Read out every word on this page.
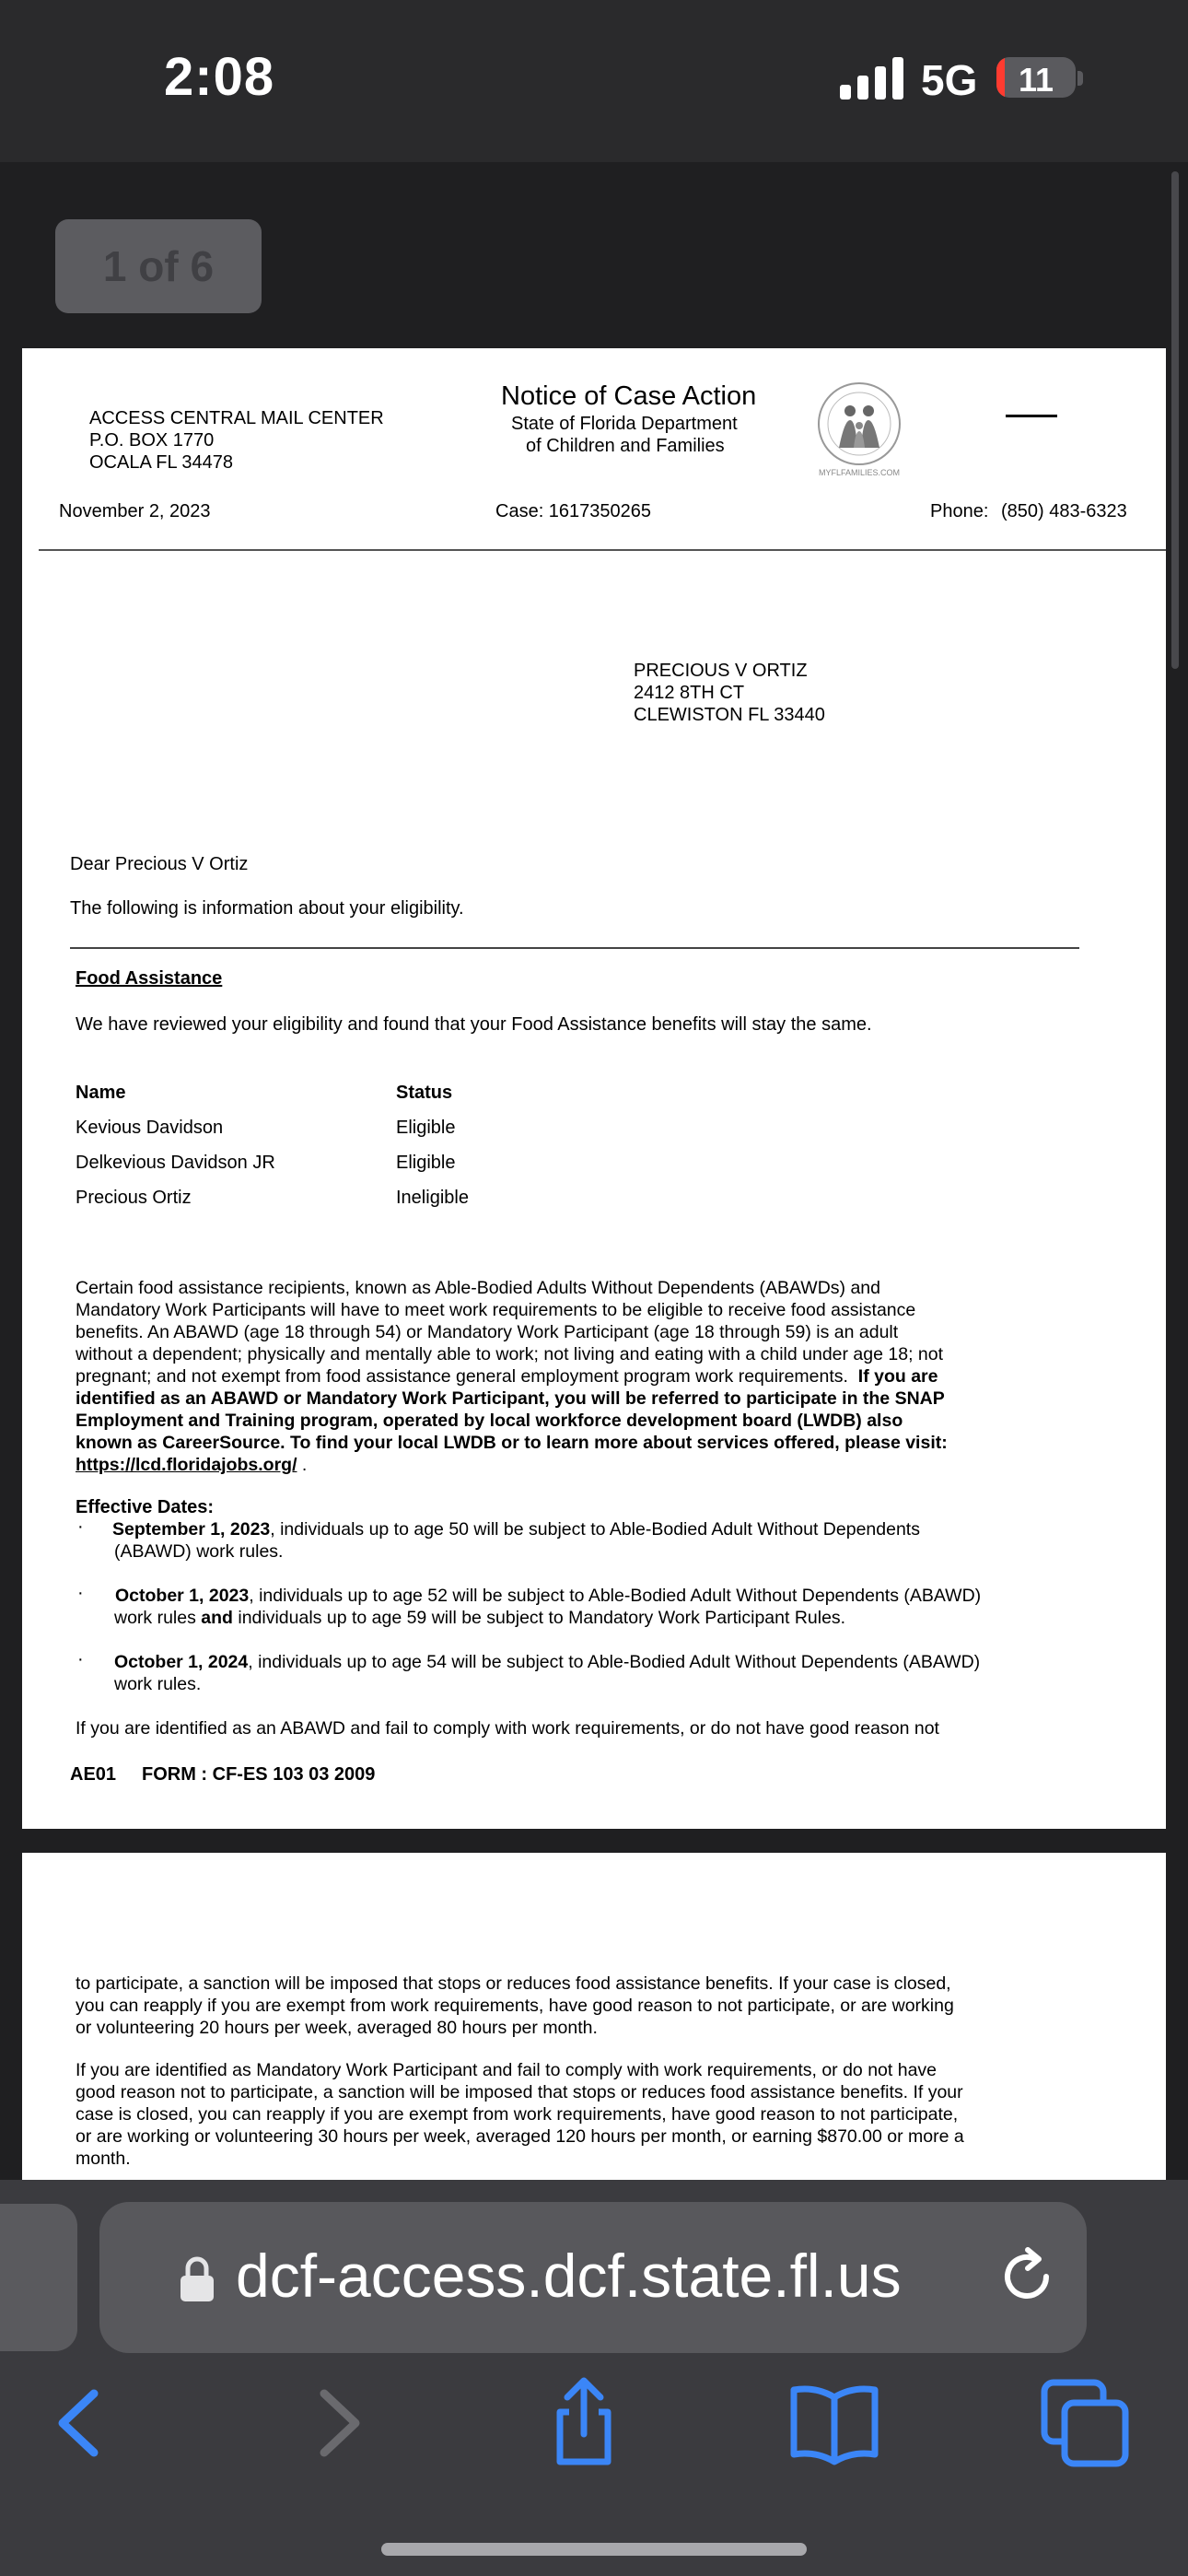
2:08	5G	11
1 of 6
ACCESS CENTRAL MAIL CENTER
P.O. BOX 1770
OCALA FL 34478
Notice of Case Action
State of Florida Department
of Children and Families
MYFLFAMILIES.COM
November 2, 2023	Case: 1617350265	Phone: (850) 483-6323
PRECIOUS V ORTIZ
2412 8TH CT
CLEWISTON FL 33440
Dear Precious V Ortiz
The following is information about your eligibility.
Food Assistance
We have reviewed your eligibility and found that your Food Assistance benefits will stay the same.
Name	Status
Kevious Davidson	Eligible
Delkevious Davidson JR	Eligible
Precious Ortiz	Ineligible
Certain food assistance recipients, known as Able-Bodied Adults Without Dependents (ABAWDs) and
Mandatory Work Participants will have to meet work requirements to be eligible to receive food assistance
benefits. An ABAWD (age 18 through 54) or Mandatory Work Participant (age 18 through 59) is an adult
without a dependent; physically and mentally able to work; not living and eating with a child under age 18; not
pregnant; and not exempt from food assistance general employment program work requirements. If you are
identified as an ABAWD or Mandatory Work Participant, you will be referred to participate in the SNAP
Employment and Training program, operated by local workforce development board (LWDB) also
known as CareerSource. To find your local LWDB or to learn more about services offered, please visit:
https://lcd.floridajobs.org/ .
Effective Dates:
· September 1, 2023, individuals up to age 50 will be subject to Able-Bodied Adult Without Dependents
(ABAWD) work rules.
· October 1, 2023, individuals up to age 52 will be subject to Able-Bodied Adult Without Dependents (ABAWD)
work rules and individuals up to age 59 will be subject to Mandatory Work Participant Rules.
· October 1, 2024, individuals up to age 54 will be subject to Able-Bodied Adult Without Dependents (ABAWD)
work rules.
If you are identified as an ABAWD and fail to comply with work requirements, or do not have good reason not
AE01 FORM : CF-ES 103 03 2009
to participate, a sanction will be imposed that stops or reduces food assistance benefits. If your case is closed,
you can reapply if you are exempt from work requirements, have good reason to not participate, or are working
or volunteering 20 hours per week, averaged 80 hours per month.
If you are identified as Mandatory Work Participant and fail to comply with work requirements, or do not have
good reason not to participate, a sanction will be imposed that stops or reduces food assistance benefits. If your
case is closed, you can reapply if you are exempt from work requirements, have good reason to not participate,
or are working or volunteering 30 hours per week, averaged 120 hours per month, or earning $870.00 or more a
month.
dcf-access.dcf.state.fl.us
